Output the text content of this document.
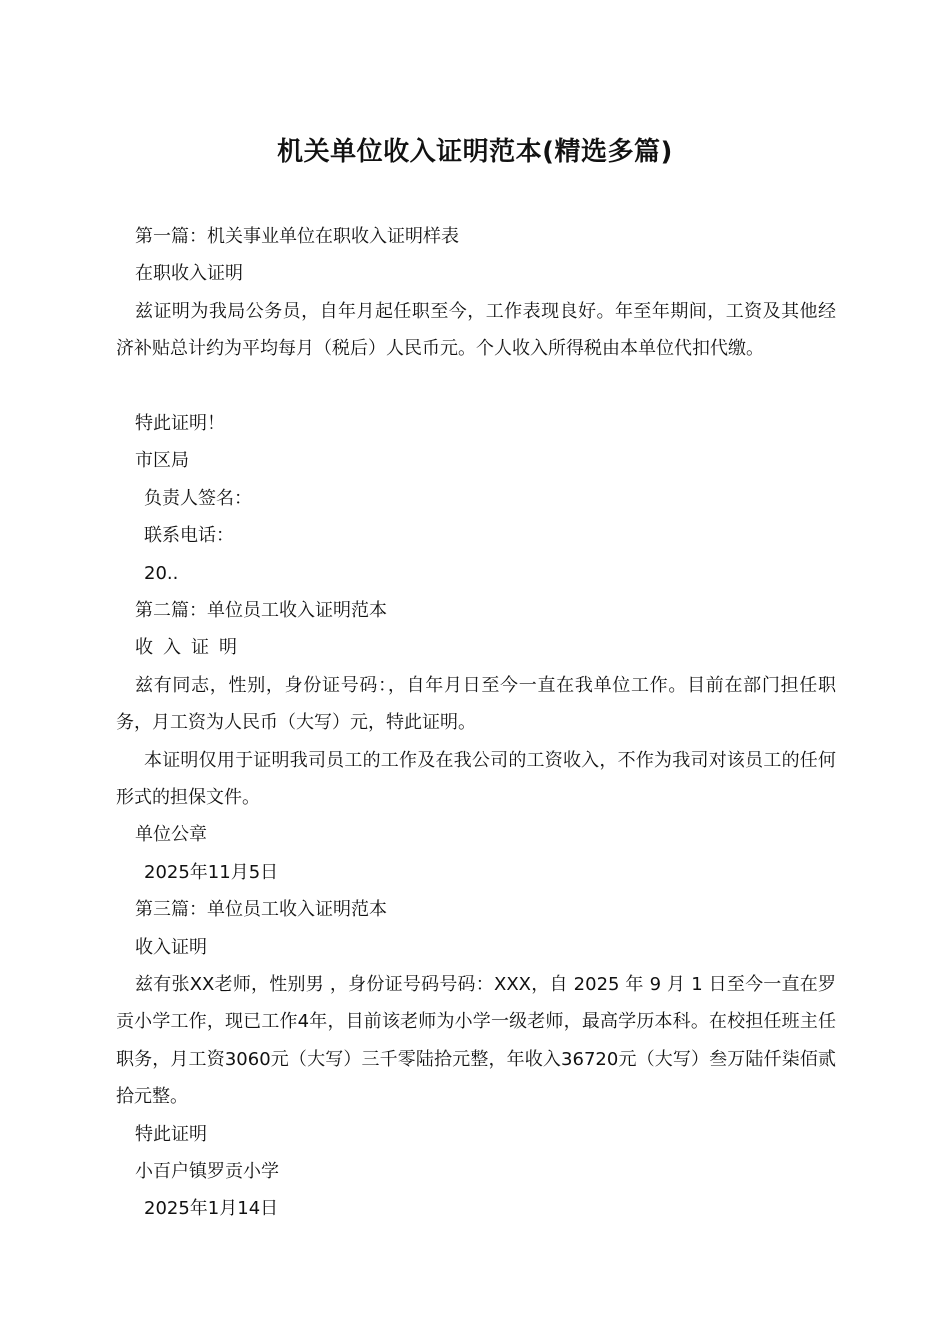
机关单位收入证明范本(精选多篇)
第一篇：机关事业单位在职收入证明样表
在职收入证明
兹证明为我局公务员，自年月起任职至今，工作表现良好。年至年期间，工资及其他经济补贴总计约为平均每月（税后）人民币元。个人收入所得税由本单位代扣代缴。
特此证明！
市区局
负责人签名：
联系电话：
20..
第二篇：单位员工收入证明范本
收入证明
兹有同志，性别，身份证号码：，自年月日至今一直在我单位工作。目前在部门担任职务，月工资为人民币（大写）元，特此证明。
本证明仅用于证明我司员工的工作及在我公司的工资收入，不作为我司对该员工的任何形式的担保文件。
单位公章
2025年11月5日
第三篇：单位员工收入证明范本
收入证明
兹有张XX老师，性别男 ，身份证号码号码：XXX，自 2025 年 9 月 1 日至今一直在罗贡小学工作，现已工作4年，目前该老师为小学一级老师，最高学历本科。在校担任班主任职务，月工资3060元（大写）三千零陆拾元整，年收入36720元（大写）叁万陆仟柒佰贰拾元整。
特此证明
小百户镇罗贡小学
2025年1月14日
